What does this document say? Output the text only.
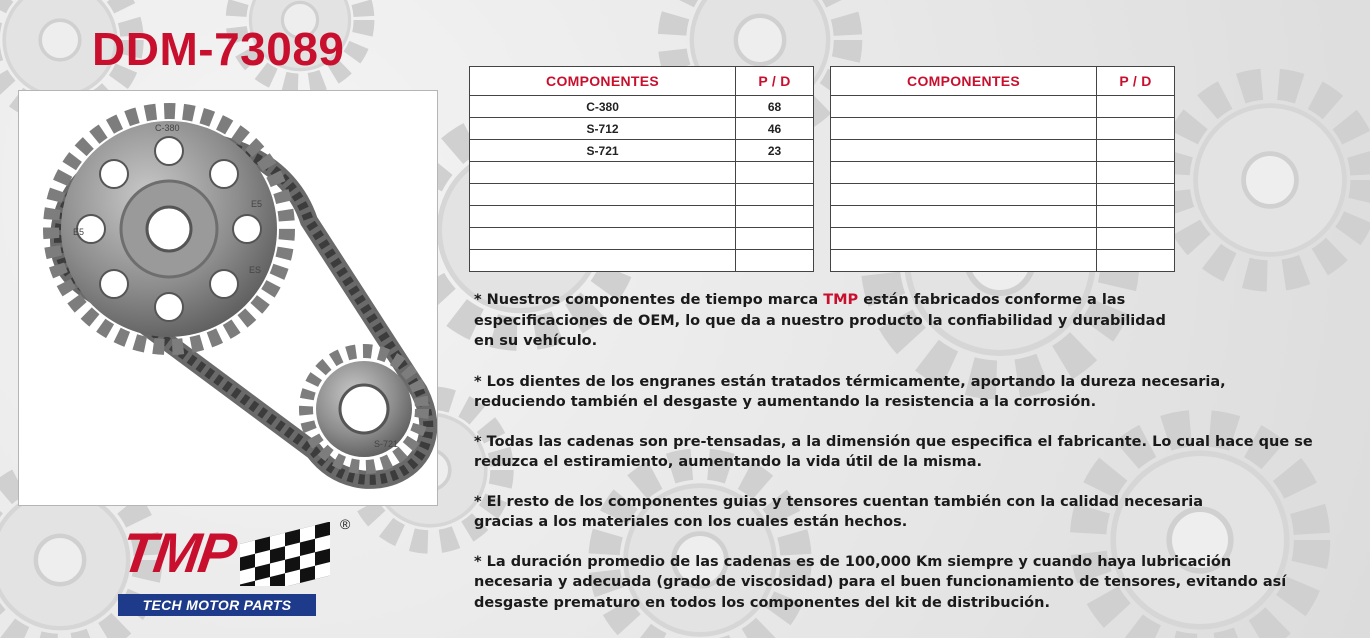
DDM-73089
E5
E5
ES
C-380
S-721
COMPONENTES	P / D
C-380	68
S-712	46
S-721	23

COMPONENTES	P / D

* Nuestros componentes de tiempo marca TMP están fabricados conforme a las
especificaciones de OEM, lo que da a nuestro producto la confiabilidad y durabilidad
en su vehículo.

* Los dientes de los engranes están tratados térmicamente, aportando la dureza necesaria,
reduciendo también el desgaste y aumentando la resistencia a la corrosión.

* Todas las cadenas son pre-tensadas, a la dimensión que especifica el fabricante. Lo cual hace que se
reduzca el estiramiento, aumentando la vida útil de la misma.

* El resto de los componentes guias y tensores cuentan también con la calidad necesaria
gracias a los materiales con los cuales están hechos.

* La duración promedio de las cadenas es de 100,000 Km siempre y cuando haya lubricación
necesaria y adecuada (grado de viscosidad) para el buen funcionamiento de tensores, evitando así
desgaste prematuro en todos los componentes del kit de distribución.

TMP	®
TECH MOTOR PARTS
